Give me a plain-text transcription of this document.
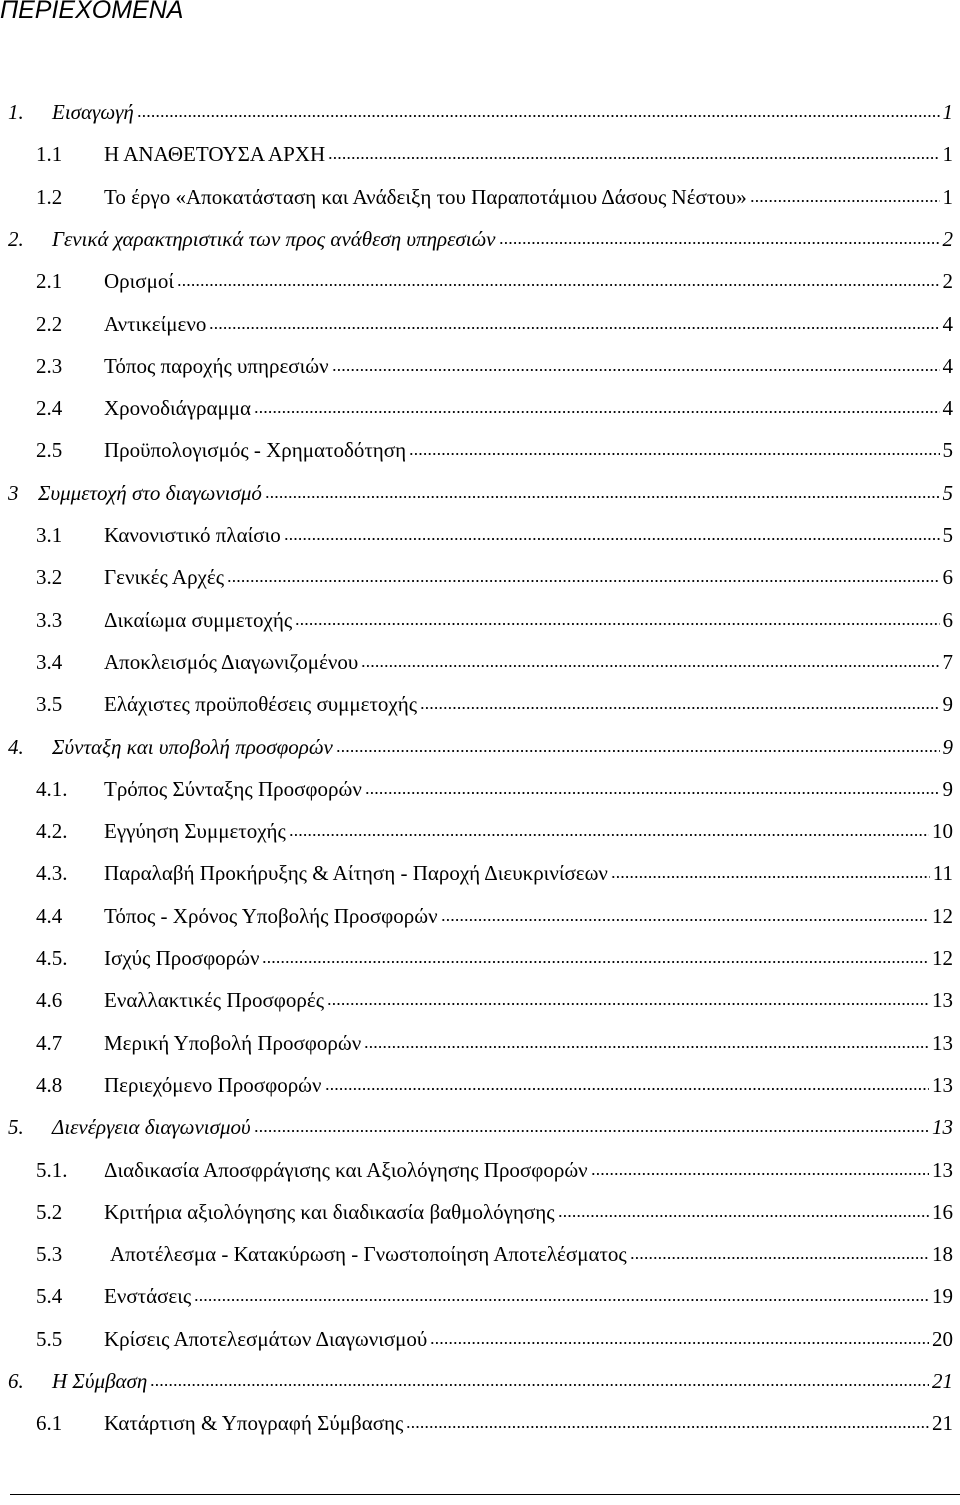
ΠΕΡΙΕΧΟΜΕΝΑ
1. Εισαγωγή	1
1.1	Η ΑΝΑΘΕΤΟΥΣΑ ΑΡΧΗ	1
1.2	Το έργο «Αποκατάσταση και Ανάδειξη του Παραποτάμιου Δάσους Νέστου»	1
2. Γενικά χαρακτηριστικά των προς ανάθεση υπηρεσιών	2
2.1	Ορισμοί	2
2.2	Αντικείμενο	4
2.3	Τόπος παροχής υπηρεσιών	4
2.4	Χρονοδιάγραμμα	4
2.5	Προϋπολογισμός - Χρηματοδότηση	5
3 Συμμετοχή στο διαγωνισμό	5
3.1	Κανονιστικό πλαίσιο	5
3.2	Γενικές Αρχές	6
3.3	Δικαίωμα συμμετοχής	6
3.4	Αποκλεισμός Διαγωνιζομένου	7
3.5	Ελάχιστες προϋποθέσεις συμμετοχής	9
4. Σύνταξη και υποβολή προσφορών	9
4.1.	Τρόπος Σύνταξης Προσφορών	9
4.2.	Εγγύηση Συμμετοχής	10
4.3.	Παραλαβή Προκήρυξης & Αίτηση - Παροχή Διευκρινίσεων	11
4.4	Τόπος - Χρόνος Υποβολής Προσφορών	12
4.5.	Ισχύς Προσφορών	12
4.6	Εναλλακτικές Προσφορές	13
4.7	Μερική Υποβολή Προσφορών	13
4.8	Περιεχόμενο Προσφορών	13
5. Διενέργεια διαγωνισμού	13
5.1.	Διαδικασία Αποσφράγισης και Αξιολόγησης Προσφορών	13
5.2	Κριτήρια αξιολόγησης και διαδικασία βαθμολόγησης	16
5.3	Αποτέλεσμα - Κατακύρωση - Γνωστοποίηση Αποτελέσματος	18
5.4	Ενστάσεις	19
5.5	Κρίσεις Αποτελεσμάτων Διαγωνισμού	20
6. Η Σύμβαση	21
6.1	Κατάρτιση & Υπογραφή Σύμβασης	21
